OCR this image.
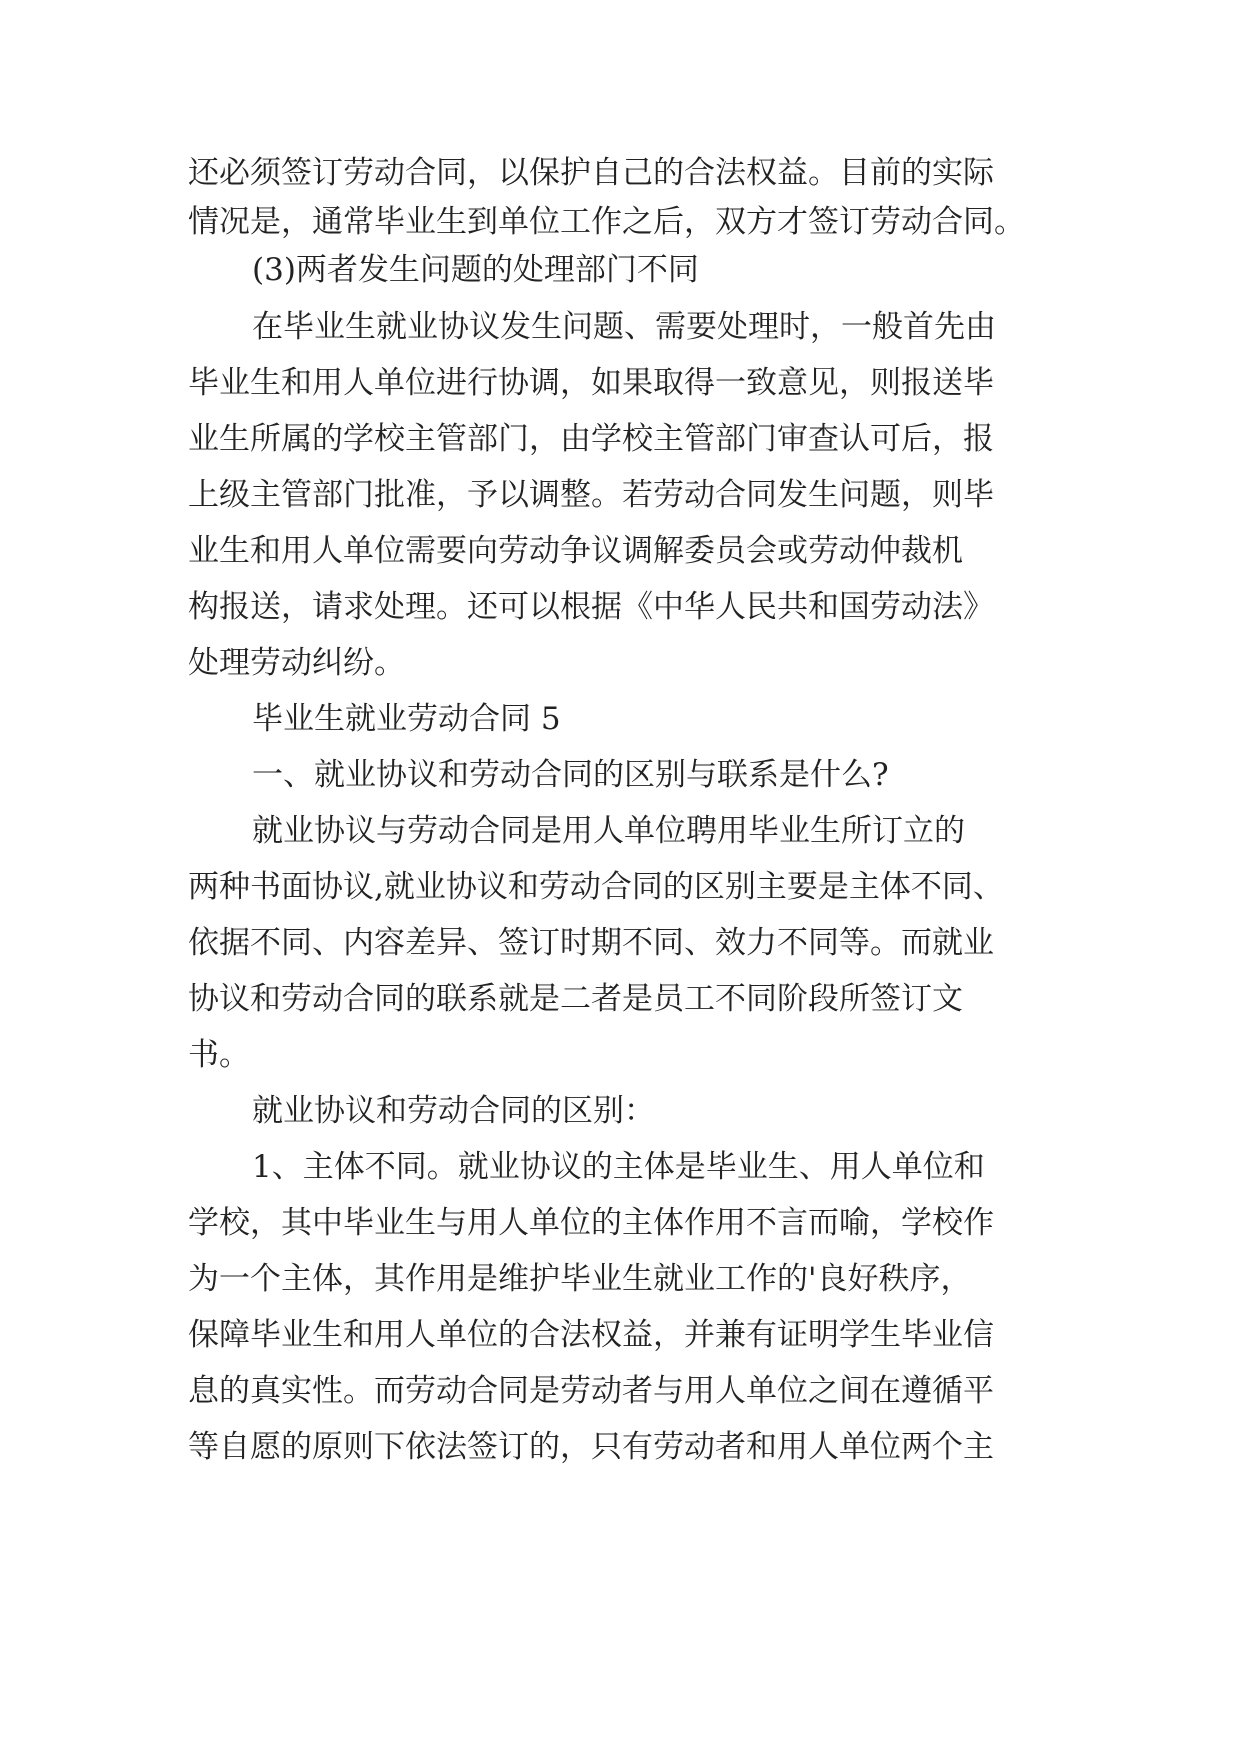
还必须签订劳动合同，以保护自己的合法权益。目前的实际

情况是，通常毕业生到单位工作之后，双方才签订劳动合同。

(3)两者发生问题的处理部门不同

在毕业生就业协议发生问题、需要处理时，一般首先由

毕业生和用人单位进行协调，如果取得一致意见，则报送毕

业生所属的学校主管部门，由学校主管部门审查认可后，报

上级主管部门批准，予以调整。若劳动合同发生问题，则毕

业生和用人单位需要向劳动争议调解委员会或劳动仲裁机

构报送，请求处理。还可以根据《中华人民共和国劳动法》

处理劳动纠纷。

毕业生就业劳动合同 5

一、就业协议和劳动合同的区别与联系是什么?

就业协议与劳动合同是用人单位聘用毕业生所订立的

两种书面协议,就业协议和劳动合同的区别主要是主体不同、

依据不同、内容差异、签订时期不同、效力不同等。而就业

协议和劳动合同的联系就是二者是员工不同阶段所签订文

书。

就业协议和劳动合同的区别：

1、主体不同。就业协议的主体是毕业生、用人单位和

学校，其中毕业生与用人单位的主体作用不言而喻，学校作

为一个主体，其作用是维护毕业生就业工作的'良好秩序，

保障毕业生和用人单位的合法权益，并兼有证明学生毕业信

息的真实性。而劳动合同是劳动者与用人单位之间在遵循平

等自愿的原则下依法签订的，只有劳动者和用人单位两个主
